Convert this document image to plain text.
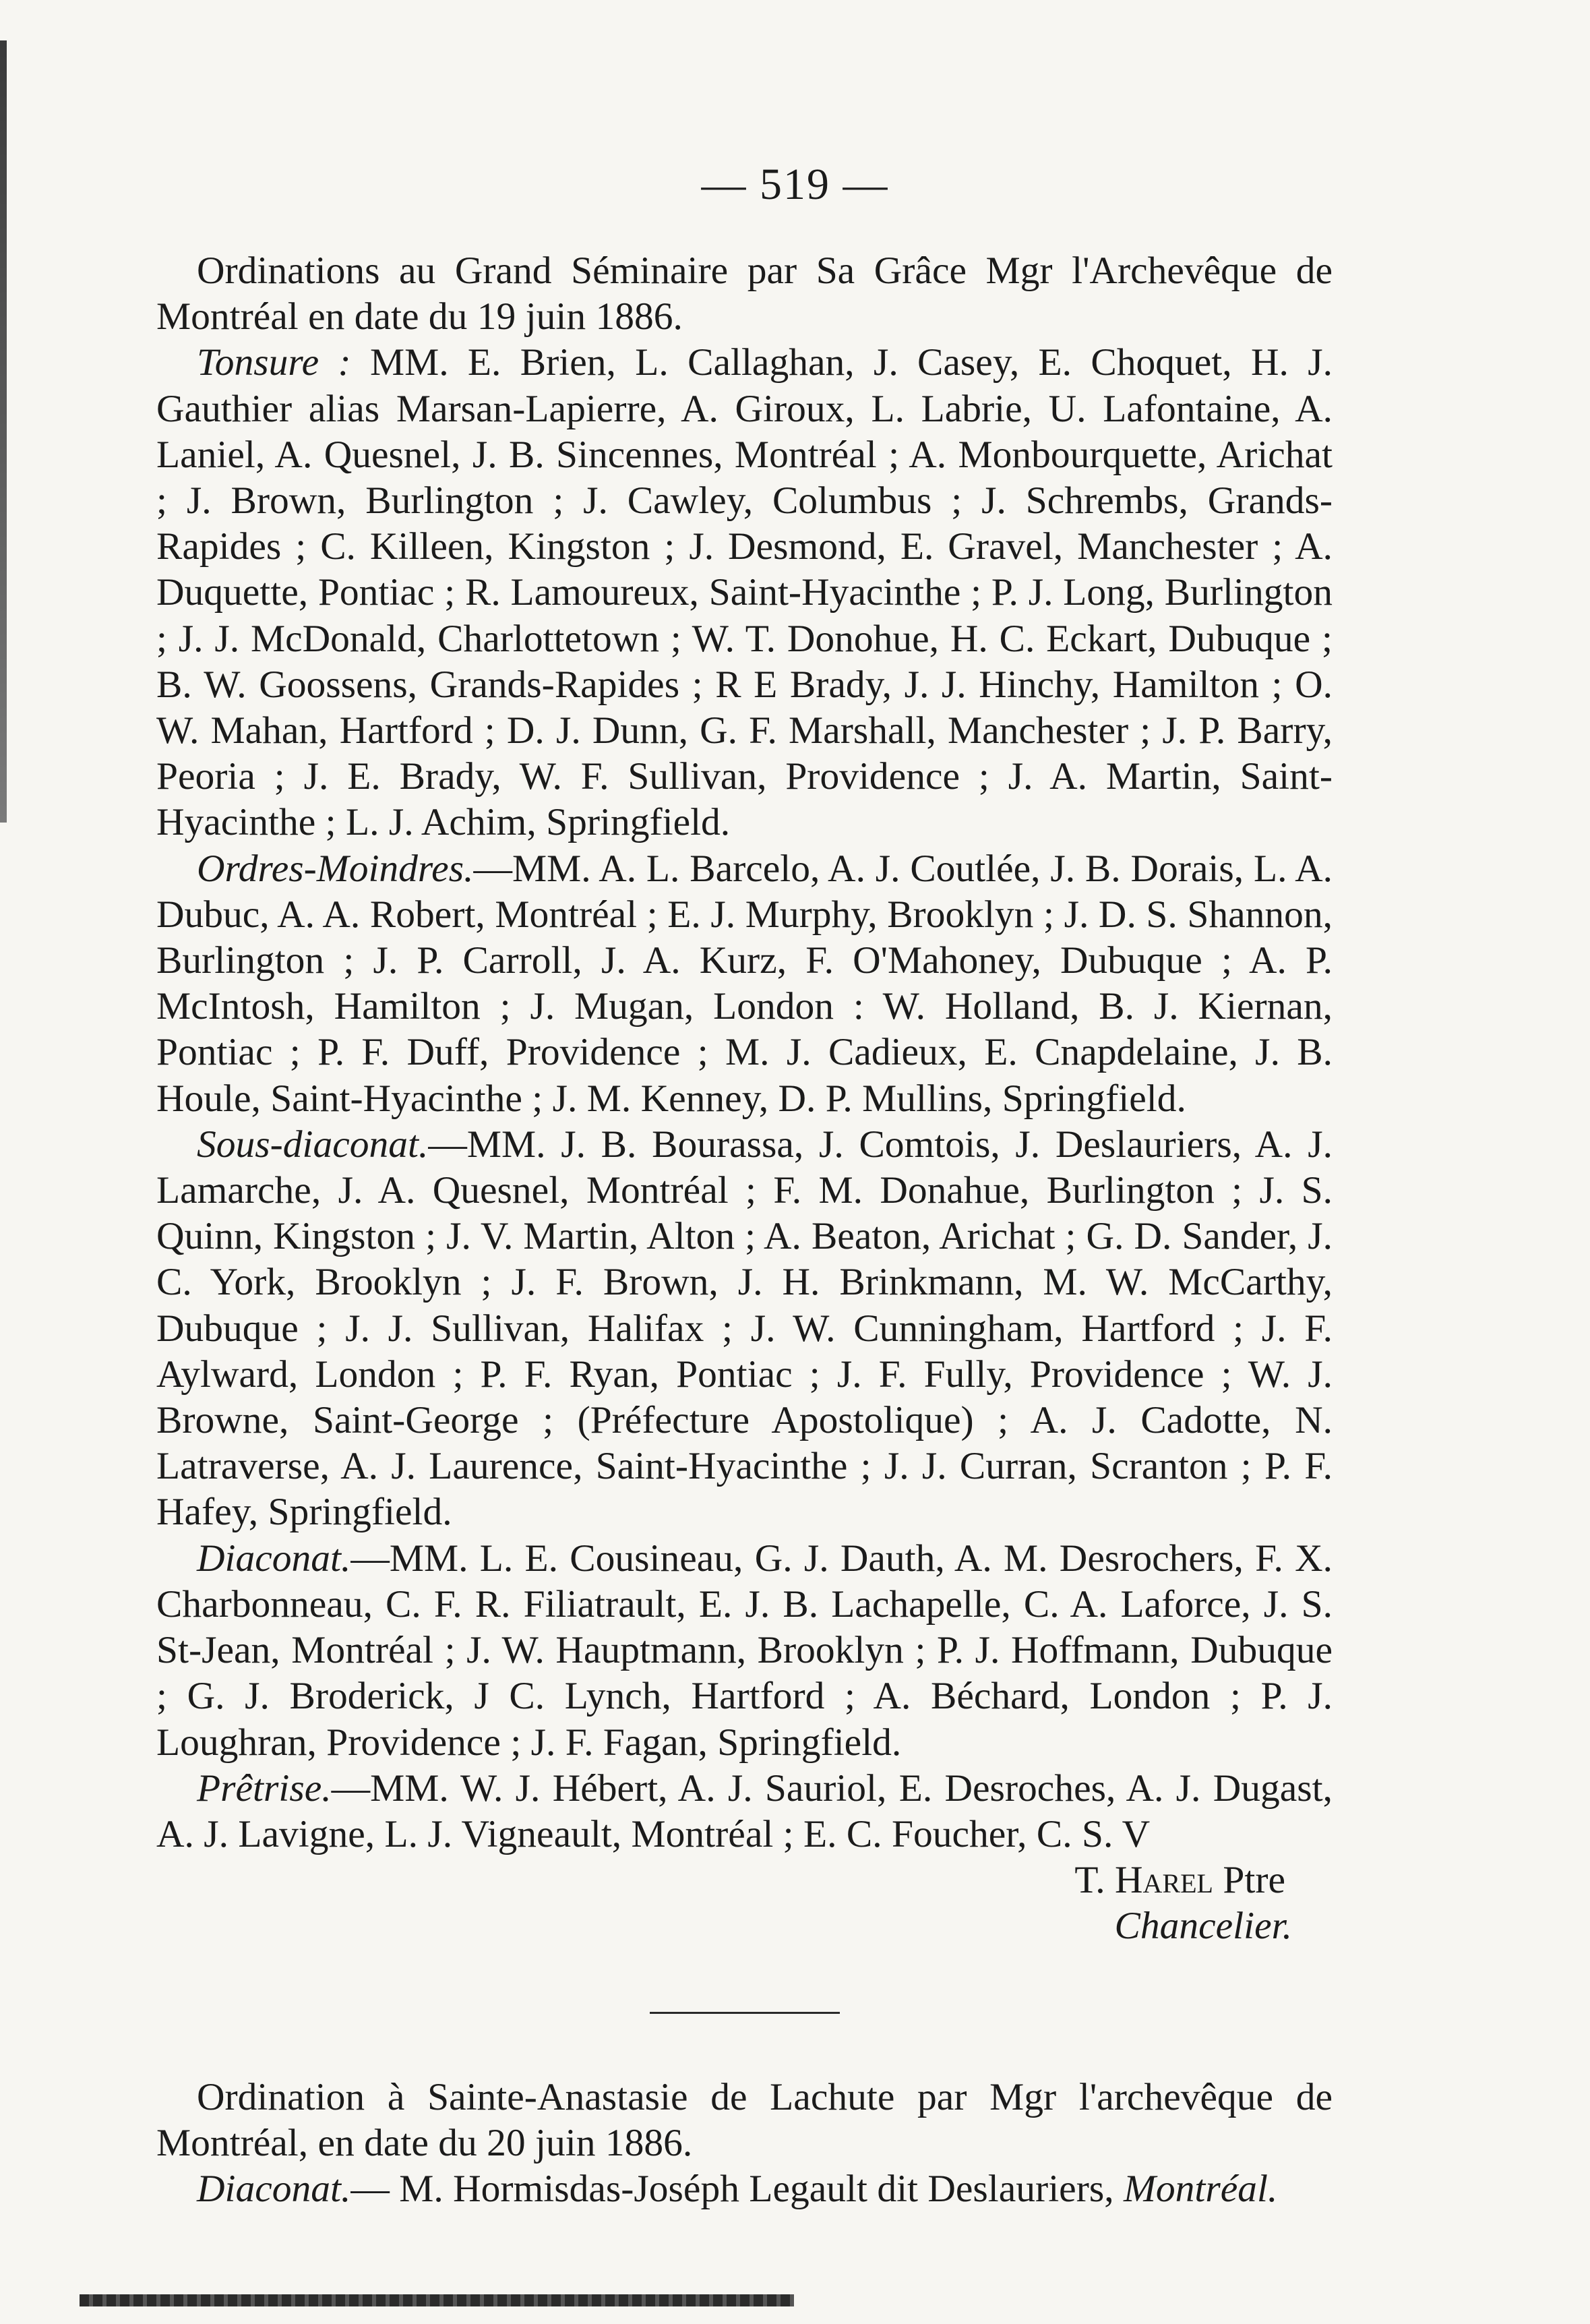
— 519 —

Ordinations au Grand Séminaire par Sa Grâce Mgr l'Archevêque de Montréal en date du 19 juin 1886.

Tonsure : MM. E. Brien, L. Callaghan, J. Casey, E. Choquet, H. J. Gauthier alias Marsan-Lapierre, A. Giroux, L. Labrie, U. Lafontaine, A. Laniel, A. Quesnel, J. B. Sincennes, Montréal ; A. Monbourquette, Arichat ; J. Brown, Burlington ; J. Cawley, Columbus ; J. Schrembs, Grands-Rapides ; C. Killeen, Kingston ; J. Desmond, E. Gravel, Manchester ; A. Duquette, Pontiac ; R. Lamoureux, Saint-Hyacinthe ; P. J. Long, Burlington ; J. J. McDonald, Charlottetown ; W. T. Donohue, H. C. Eckart, Dubuque ; B. W. Goossens, Grands-Rapides ; R E Brady, J. J. Hinchy, Hamilton ; O. W. Mahan, Hartford ; D. J. Dunn, G. F. Marshall, Manchester ; J. P. Barry, Peoria ; J. E. Brady, W. F. Sullivan, Providence ; J. A. Martin, Saint-Hyacinthe ; L. J. Achim, Springfield.

Ordres-Moindres.—MM. A. L. Barcelo, A. J. Coutlée, J. B. Dorais, L. A. Dubuc, A. A. Robert, Montréal ; E. J. Murphy, Brooklyn ; J. D. S. Shannon, Burlington ; J. P. Carroll, J. A. Kurz, F. O'Mahoney, Dubuque ; A. P. McIntosh, Hamilton ; J. Mugan, London : W. Holland, B. J. Kiernan, Pontiac ; P. F. Duff, Providence ; M. J. Cadieux, E. Cnapdelaine, J. B. Houle, Saint-Hyacinthe ; J. M. Kenney, D. P. Mullins, Springfield.

Sous-diaconat.—MM. J. B. Bourassa, J. Comtois, J. Deslauriers, A. J. Lamarche, J. A. Quesnel, Montréal ; F. M. Donahue, Burlington ; J. S. Quinn, Kingston ; J. V. Martin, Alton ; A. Beaton, Arichat ; G. D. Sander, J. C. York, Brooklyn ; J. F. Brown, J. H. Brinkmann, M. W. McCarthy, Dubuque ; J. J. Sullivan, Halifax ; J. W. Cunningham, Hartford ; J. F. Aylward, London ; P. F. Ryan, Pontiac ; J. F. Fully, Providence ; W. J. Browne, Saint-George ; (Préfecture Apostolique) ; A. J. Cadotte, N. Latraverse, A. J. Laurence, Saint-Hyacinthe ; J. J. Curran, Scranton ; P. F. Hafey, Springfield.

Diaconat.—MM. L. E. Cousineau, G. J. Dauth, A. M. Desrochers, F. X. Charbonneau, C. F. R. Filiatrault, E. J. B. Lachapelle, C. A. Laforce, J. S. St-Jean, Montréal ; J. W. Hauptmann, Brooklyn ; P. J. Hoffmann, Dubuque ; G. J. Broderick, J C. Lynch, Hartford ; A. Béchard, London ; P. J. Loughran, Providence ; J. F. Fagan, Springfield.

Prêtrise.—MM. W. J. Hébert, A. J. Sauriol, E. Desroches, A. J. Dugast, A. J. Lavigne, L. J. Vigneault, Montréal ; E. C. Foucher, C. S. V

T. Harel Ptre

Chancelier.

Ordination à Sainte-Anastasie de Lachute par Mgr l'archevêque de Montréal, en date du 20 juin 1886.

Diaconat.— M. Hormisdas-Joséph Legault dit Deslauriers, Montréal.
